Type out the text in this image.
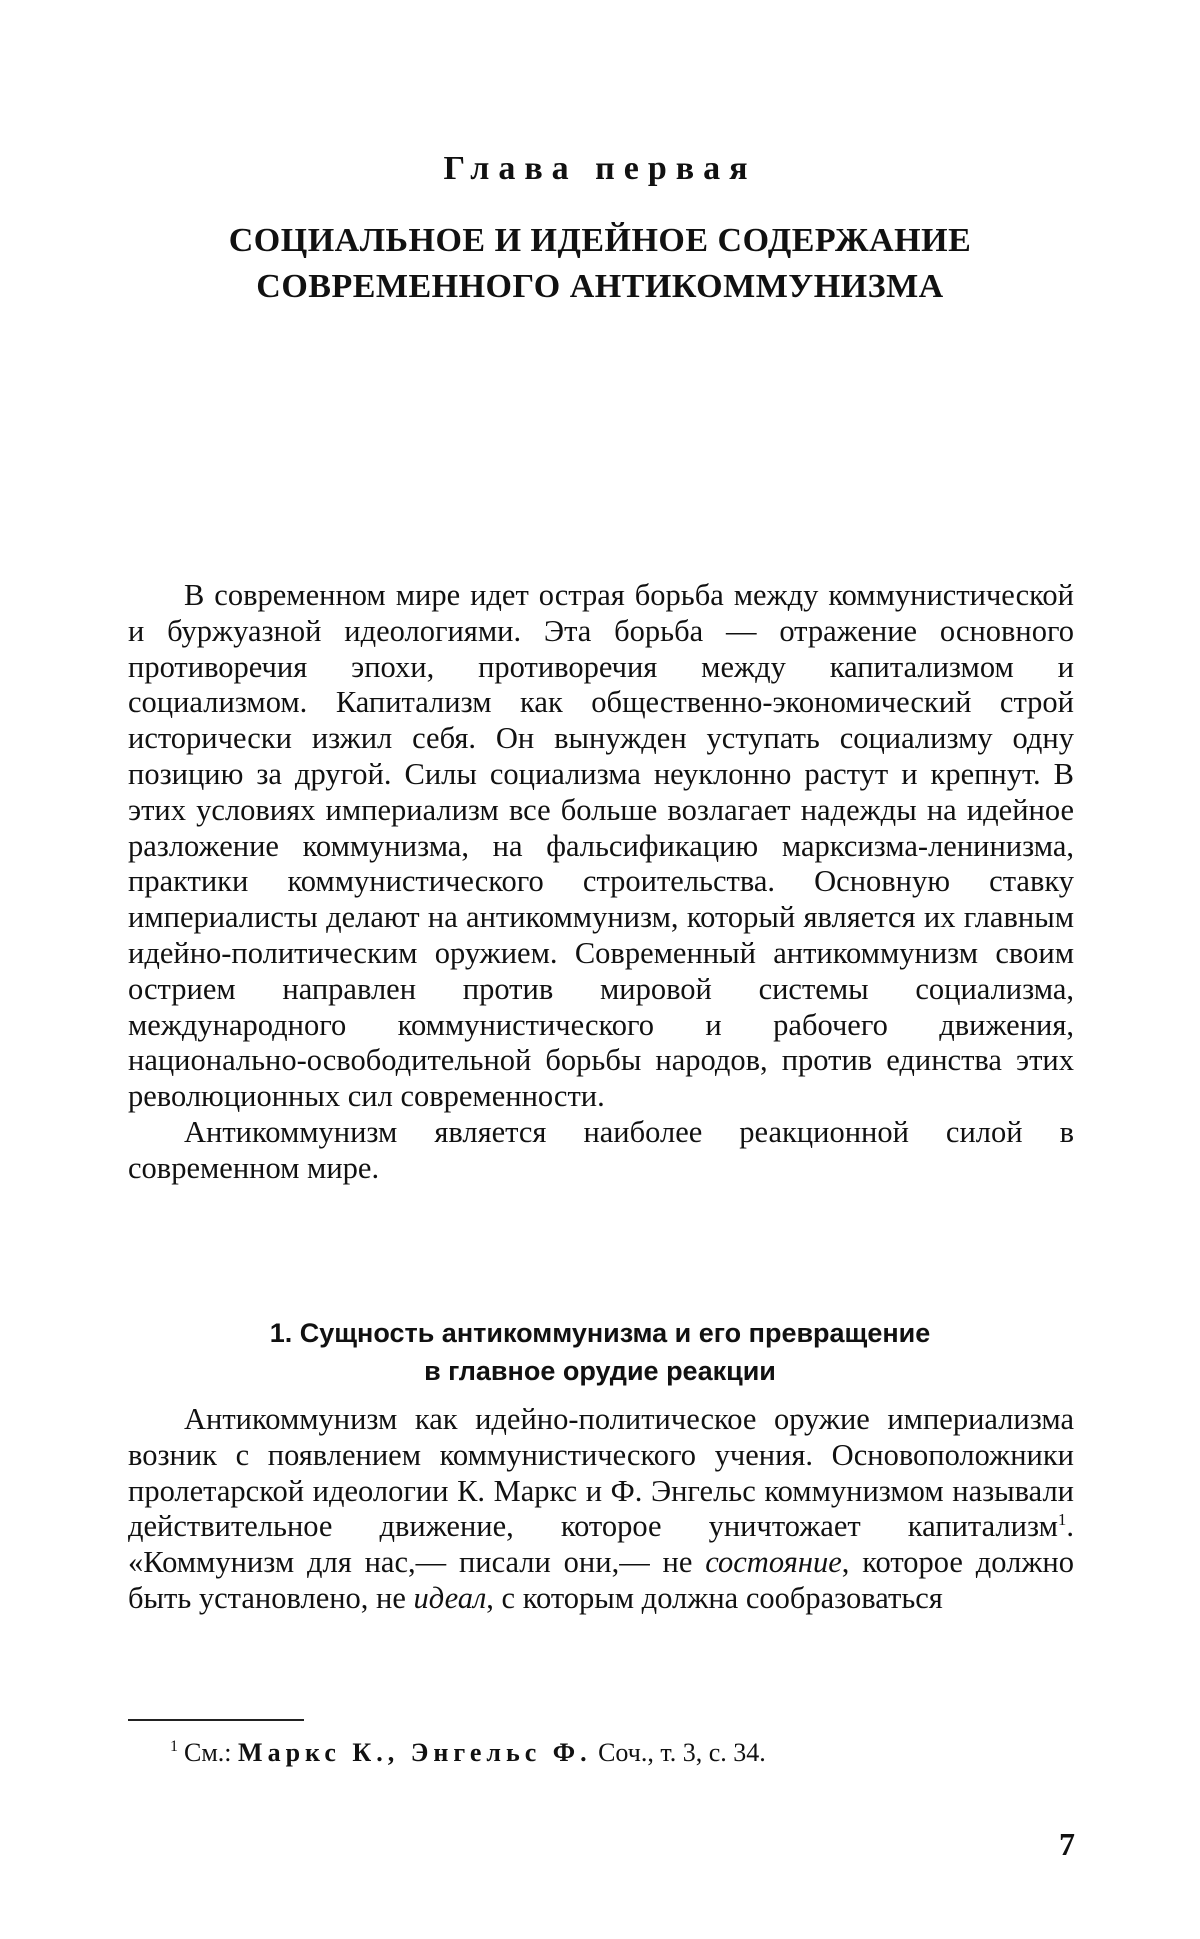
Глава первая
СОЦИАЛЬНОЕ И ИДЕЙНОЕ СОДЕРЖАНИЕ
СОВРЕМЕННОГО АНТИКОММУНИЗМА

В современном мире идет острая борьба между коммунистической и буржуазной идеологиями. Эта борьба — отражение основного противоречия эпохи, противоречия между капитализмом и социализмом. Капитализм как общественно-экономический строй исторически изжил себя. Он вынужден уступать социализму одну позицию за другой. Силы социализма неуклонно растут и крепнут. В этих условиях империализм все больше возлагает надежды на идейное разложение коммунизма, на фальсификацию марксизма-ленинизма, практики коммунистического строительства. Основную ставку империалисты делают на антикоммунизм, который является их главным идейно-политическим оружием. Современный антикоммунизм своим острием направлен против мировой системы социализма, международного коммунистического и рабочего движения, национально-освободительной борьбы народов, против единства этих революционных сил современности.

Антикоммунизм является наиболее реакционной силой в современном мире.

1. Сущность антикоммунизма и его превращение
в главное орудие реакции

Антикоммунизм как идейно-политическое оружие империализма возник с появлением коммунистического учения. Основоположники пролетарской идеологии К. Маркс и Ф. Энгельс коммунизмом называли действительное движение, которое уничтожает капитализм$^1$. «Коммунизм для нас,— писали они,— не состояние, которое должно быть установлено, не идеал, с которым должна сообразоваться

$^1$ См.: Маркс К., Энгельс Ф. Соч., т. 3, с. 34.
7
